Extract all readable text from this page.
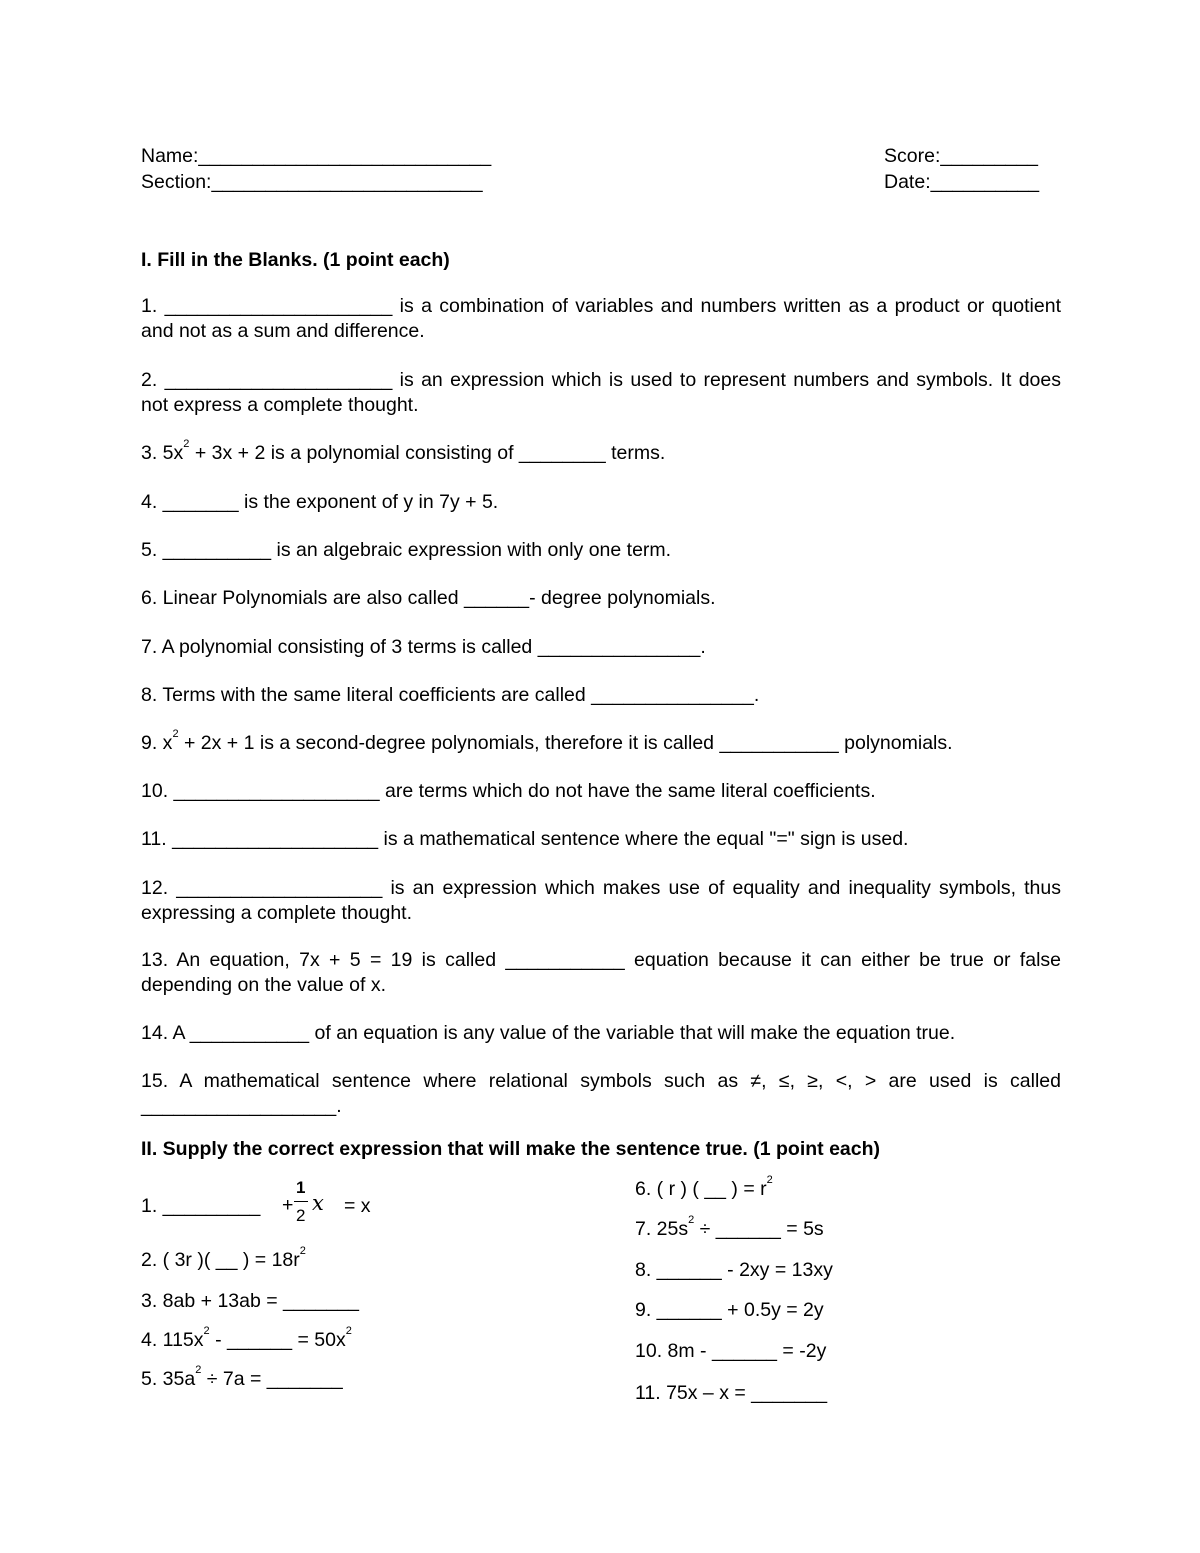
Name:___________________________	Score:_________
Section:_________________________	Date:__________
I. Fill in the Blanks. (1 point each)
1. _____________________ is a combination of variables and numbers written as a product or quotient and not as a sum and difference.
2. _____________________ is an expression which is used to represent numbers and symbols. It does not express a complete thought.
3. $5x^2 + 3x + 2$ is a polynomial consisting of ________ terms.
4. _______ is the exponent of y in 7y + 5.
5. __________ is an algebraic expression with only one term.
6. Linear Polynomials are also called ______- degree polynomials.
7. A polynomial consisting of 3 terms is called _______________.
8. Terms with the same literal coefficients are called _______________.
9. $x^2 + 2x + 1$ is a second-degree polynomials, therefore it is called ___________ polynomials.
10. ___________________ are terms which do not have the same literal coefficients.
11. ___________________ is a mathematical sentence where the equal "=" sign is used.
12. ___________________ is an expression which makes use of equality and inequality symbols, thus expressing a complete thought.
13. An equation, 7x + 5 = 19 is called ___________ equation because it can either be true or false depending on the value of x.
14. A ___________ of an equation is any value of the variable that will make the equation true.
15. A mathematical sentence where relational symbols such as ≠, ≤, ≥, <, > are used is called __________________.
II. Supply the correct expression that will make the sentence true. (1 point each)
1. _________ +
1
2
x = x
2. ( 3r )( __ ) = $18r^2$
3. 8ab + 13ab = _______
4. $115x^2$ - ______ = $50x^2$
5. $35a^2 \div 7a$ = _______
6. ( r ) ( __ ) = $r^2$
7. $25s^2$ ÷ ______ = 5s
8. ______ - 2xy = 13xy
9. ______ + 0.5y = 2y
10. 8m - ______ = -2y
11. 75x – x = _______
